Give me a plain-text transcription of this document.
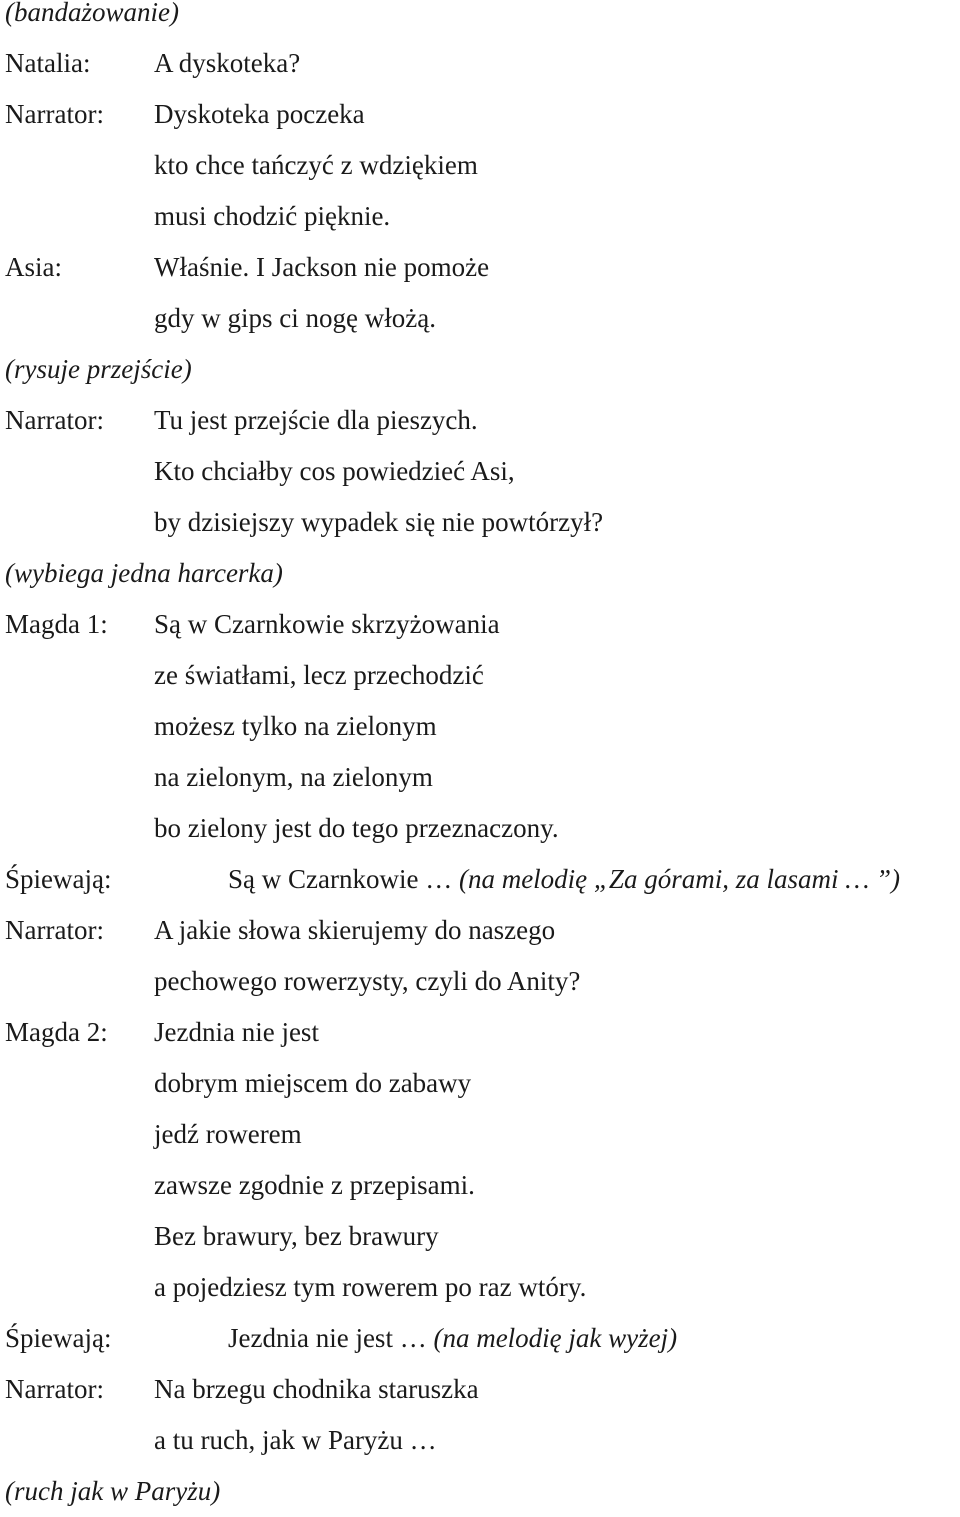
(bandażowanie)
Natalia: A dyskoteka?
Narrator: Dyskoteka poczeka
kto chce tańczyć z wdziękiem
musi chodzić pięknie.
Asia:	Właśnie. I Jackson nie pomoże
gdy w gips ci nogę włożą.
(rysuje przejście)
Narrator: Tu jest przejście dla pieszych.
Kto chciałby cos powiedzieć Asi,
by dzisiejszy wypadek się nie powtórzył?
(wybiega jedna harcerka)
Magda 1: Są w Czarnkowie skrzyżowania
ze światłami, lecz przechodzić
możesz tylko na zielonym
na zielonym, na zielonym
bo zielony jest do tego przeznaczony.
Śpiewają:	Są w Czarnkowie … (na melodię „Za górami, za lasami … ”)
Narrator: A jakie słowa skierujemy do naszego
pechowego rowerzysty, czyli do Anity?
Magda 2: Jezdnia nie jest
dobrym miejscem do zabawy
jedź rowerem
zawsze zgodnie z przepisami.
Bez brawury, bez brawury
a pojedziesz tym rowerem po raz wtóry.
Śpiewają:	Jezdnia nie jest … (na melodię jak wyżej)
Narrator: Na brzegu chodnika staruszka
a tu ruch, jak w Paryżu …
(ruch jak w Paryżu)
